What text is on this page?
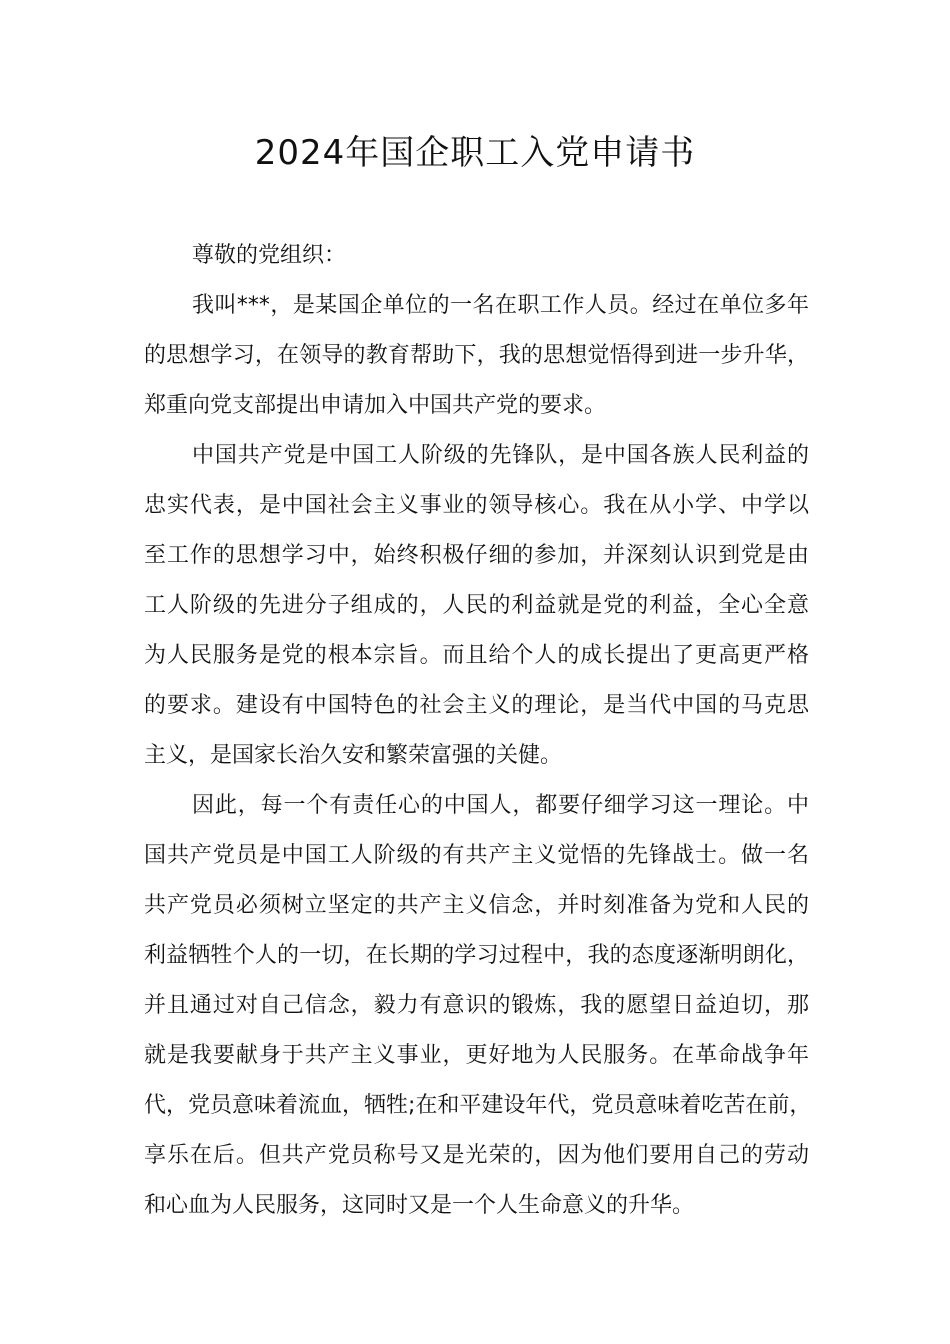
2024年国企职工入党申请书

尊敬的党组织：

我叫***，是某国企单位的一名在职工作人员。经过在单位多年
的思想学习，在领导的教育帮助下，我的思想觉悟得到进一步升华，
郑重向党支部提出申请加入中国共产党的要求。

中国共产党是中国工人阶级的先锋队，是中国各族人民利益的
忠实代表，是中国社会主义事业的领导核心。我在从小学、中学以
至工作的思想学习中，始终积极仔细的参加，并深刻认识到党是由
工人阶级的先进分子组成的，人民的利益就是党的利益，全心全意
为人民服务是党的根本宗旨。而且给个人的成长提出了更高更严格
的要求。建设有中国特色的社会主义的理论，是当代中国的马克思
主义，是国家长治久安和繁荣富强的关健。

因此，每一个有责任心的中国人，都要仔细学习这一理论。中
国共产党员是中国工人阶级的有共产主义觉悟的先锋战士。做一名
共产党员必须树立坚定的共产主义信念，并时刻准备为党和人民的
利益牺牲个人的一切，在长期的学习过程中，我的态度逐渐明朗化，
并且通过对自己信念，毅力有意识的锻炼，我的愿望日益迫切，那
就是我要献身于共产主义事业，更好地为人民服务。在革命战争年
代，党员意味着流血，牺牲;在和平建设年代，党员意味着吃苦在前，
享乐在后。但共产党员称号又是光荣的，因为他们要用自己的劳动
和心血为人民服务，这同时又是一个人生命意义的升华。
